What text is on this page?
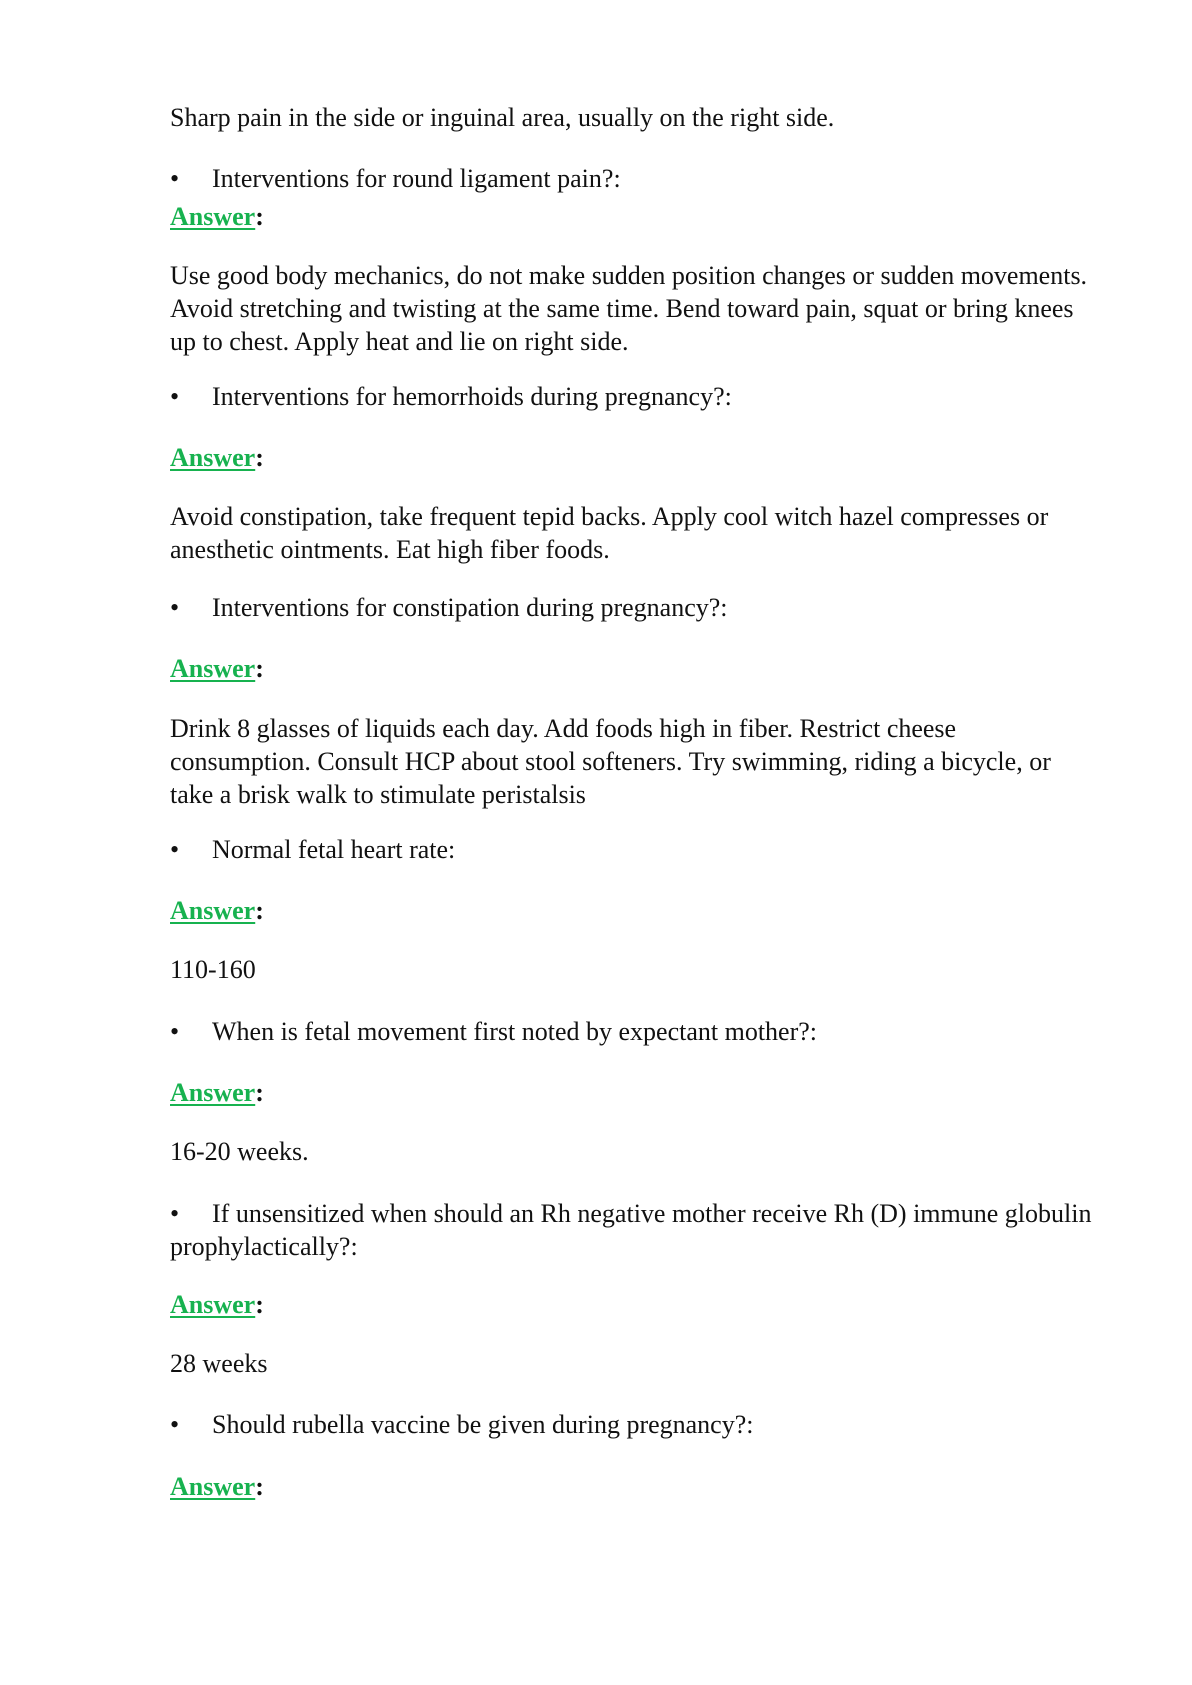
Sharp pain in the side or inguinal area, usually on the right side.
•	Interventions for round ligament pain?:
Answer:
Use good body mechanics, do not make sudden position changes or sudden movements. Avoid stretching and twisting at the same time. Bend toward pain, squat or bring knees up to chest. Apply heat and lie on right side.
•	Interventions for hemorrhoids during pregnancy?:
Answer:
Avoid constipation, take frequent tepid backs. Apply cool witch hazel compresses or anesthetic ointments. Eat high fiber foods.
•	Interventions for constipation during pregnancy?:
Answer:
Drink 8 glasses of liquids each day. Add foods high in fiber. Restrict cheese consumption. Consult HCP about stool softeners. Try swimming, riding a bicycle, or take a brisk walk to stimulate peristalsis
•	Normal fetal heart rate:
Answer:
110-160
•	When is fetal movement first noted by expectant mother?:
Answer:
16-20 weeks.
•	If unsensitized when should an Rh negative mother receive Rh (D) immune globulin prophylactically?:
Answer:
28 weeks
•	Should rubella vaccine be given during pregnancy?:
Answer:
